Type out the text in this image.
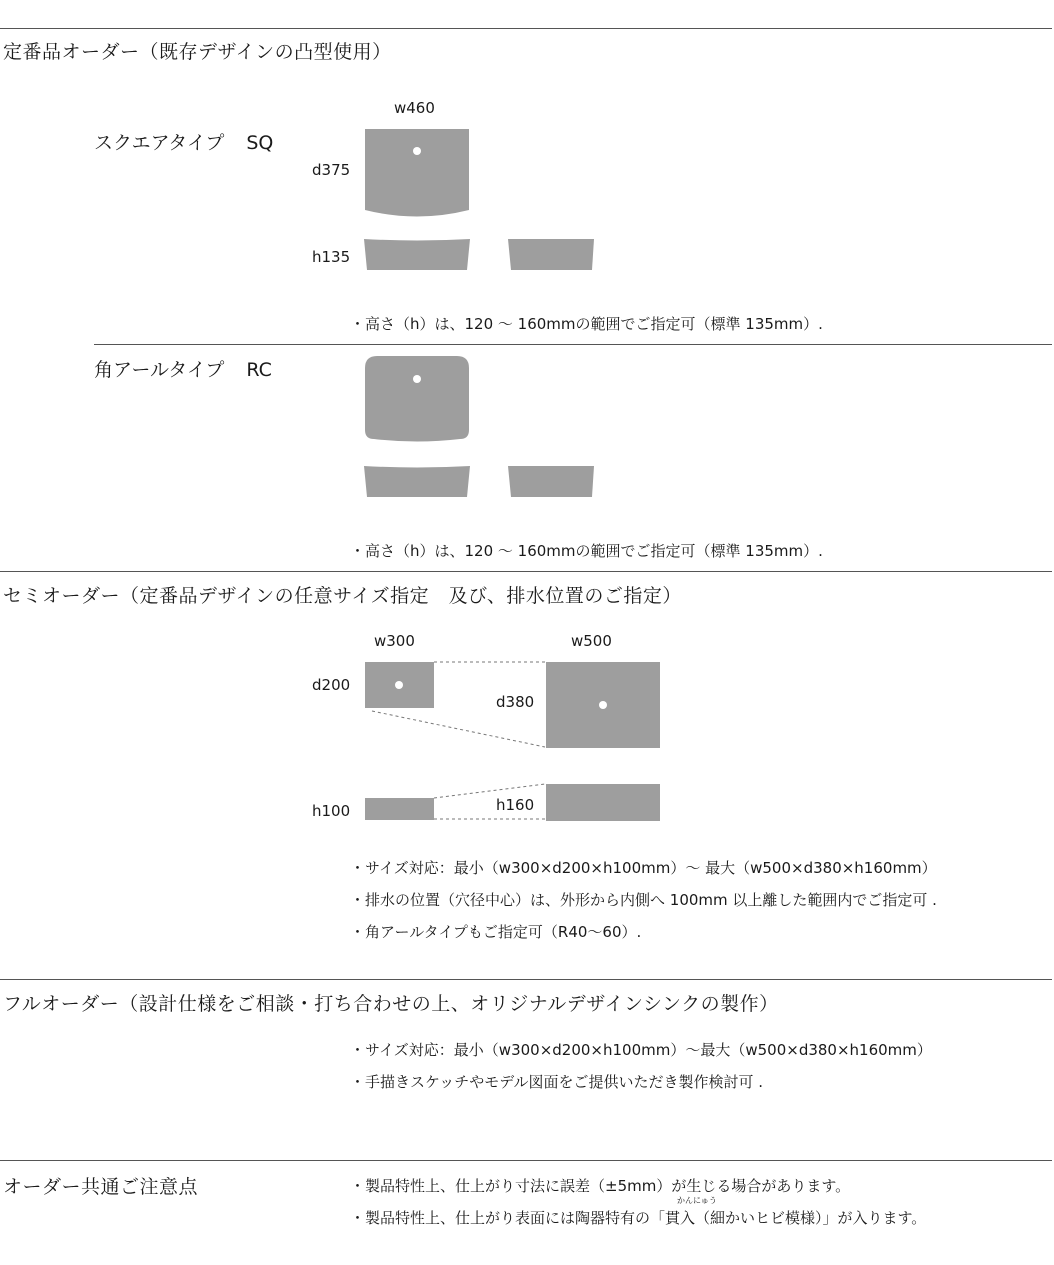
定番品オーダー（既存デザインの凸型使用）
スクエアタイプ SQ
w460
d375
h135
・高さ（h）は、120 ～ 160mmの範囲でご指定可（標準 135mm）.
角アールタイプ RC
・高さ（h）は、120 ～ 160mmの範囲でご指定可（標準 135mm）.
セミオーダー（定番品デザインの任意サイズ指定　及び、排水位置のご指定）
w300	w500
d200
d380
h100	h160
・サイズ対応：最小（w300×d200×h100mm）～ 最大（w500×d380×h160mm）
・排水の位置（穴径中心）は、外形から内側へ 100mm 以上離した範囲内でご指定可 .
・角アールタイプもご指定可（R40～60）.
フルオーダー（設計仕様をご相談・打ち合わせの上、オリジナルデザインシンクの製作）
・サイズ対応：最小（w300×d200×h100mm）～最大（w500×d380×h160mm）
・手描きスケッチやモデル図面をご提供いただき製作検討可 .
オーダー共通ご注意点	・製品特性上、仕上がり寸法に誤差（±5mm）が生じる場合があります。
かんにゅう
・製品特性上、仕上がり表面には陶器特有の「貫入（細かいヒビ模様）」が入ります。
